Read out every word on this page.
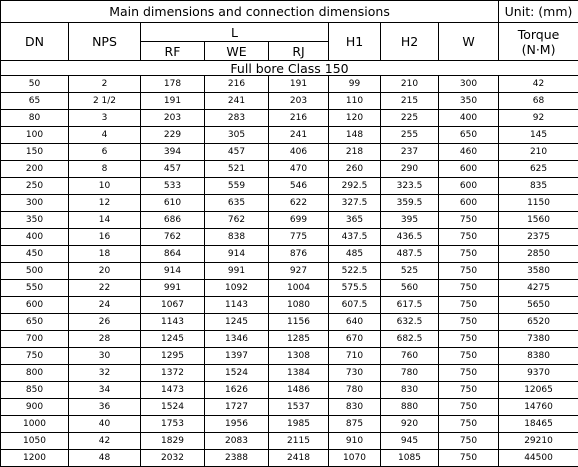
Main dimensions and connection dimensions								Unit: (mm)
DN	NPS	L			H1	H2	W	Torque
(N·M)
		RF	WE	RJ				
Full bore Class 150								
50	2	178	216	191	99	210	300	42
65	2 1/2	191	241	203	110	215	350	68
80	3	203	283	216	120	225	400	92
100	4	229	305	241	148	255	650	145
150	6	394	457	406	218	237	460	210
200	8	457	521	470	260	290	600	625
250	10	533	559	546	292.5	323.5	600	835
300	12	610	635	622	327.5	359.5	600	1150
350	14	686	762	699	365	395	750	1560
400	16	762	838	775	437.5	436.5	750	2375
450	18	864	914	876	485	487.5	750	2850
500	20	914	991	927	522.5	525	750	3580
550	22	991	1092	1004	575.5	560	750	4275
600	24	1067	1143	1080	607.5	617.5	750	5650
650	26	1143	1245	1156	640	632.5	750	6520
700	28	1245	1346	1285	670	682.5	750	7380
750	30	1295	1397	1308	710	760	750	8380
800	32	1372	1524	1384	730	780	750	9370
850	34	1473	1626	1486	780	830	750	12065
900	36	1524	1727	1537	830	880	750	14760
1000	40	1753	1956	1985	875	920	750	18465
1050	42	1829	2083	2115	910	945	750	29210
1200	48	2032	2388	2418	1070	1085	750	44500
